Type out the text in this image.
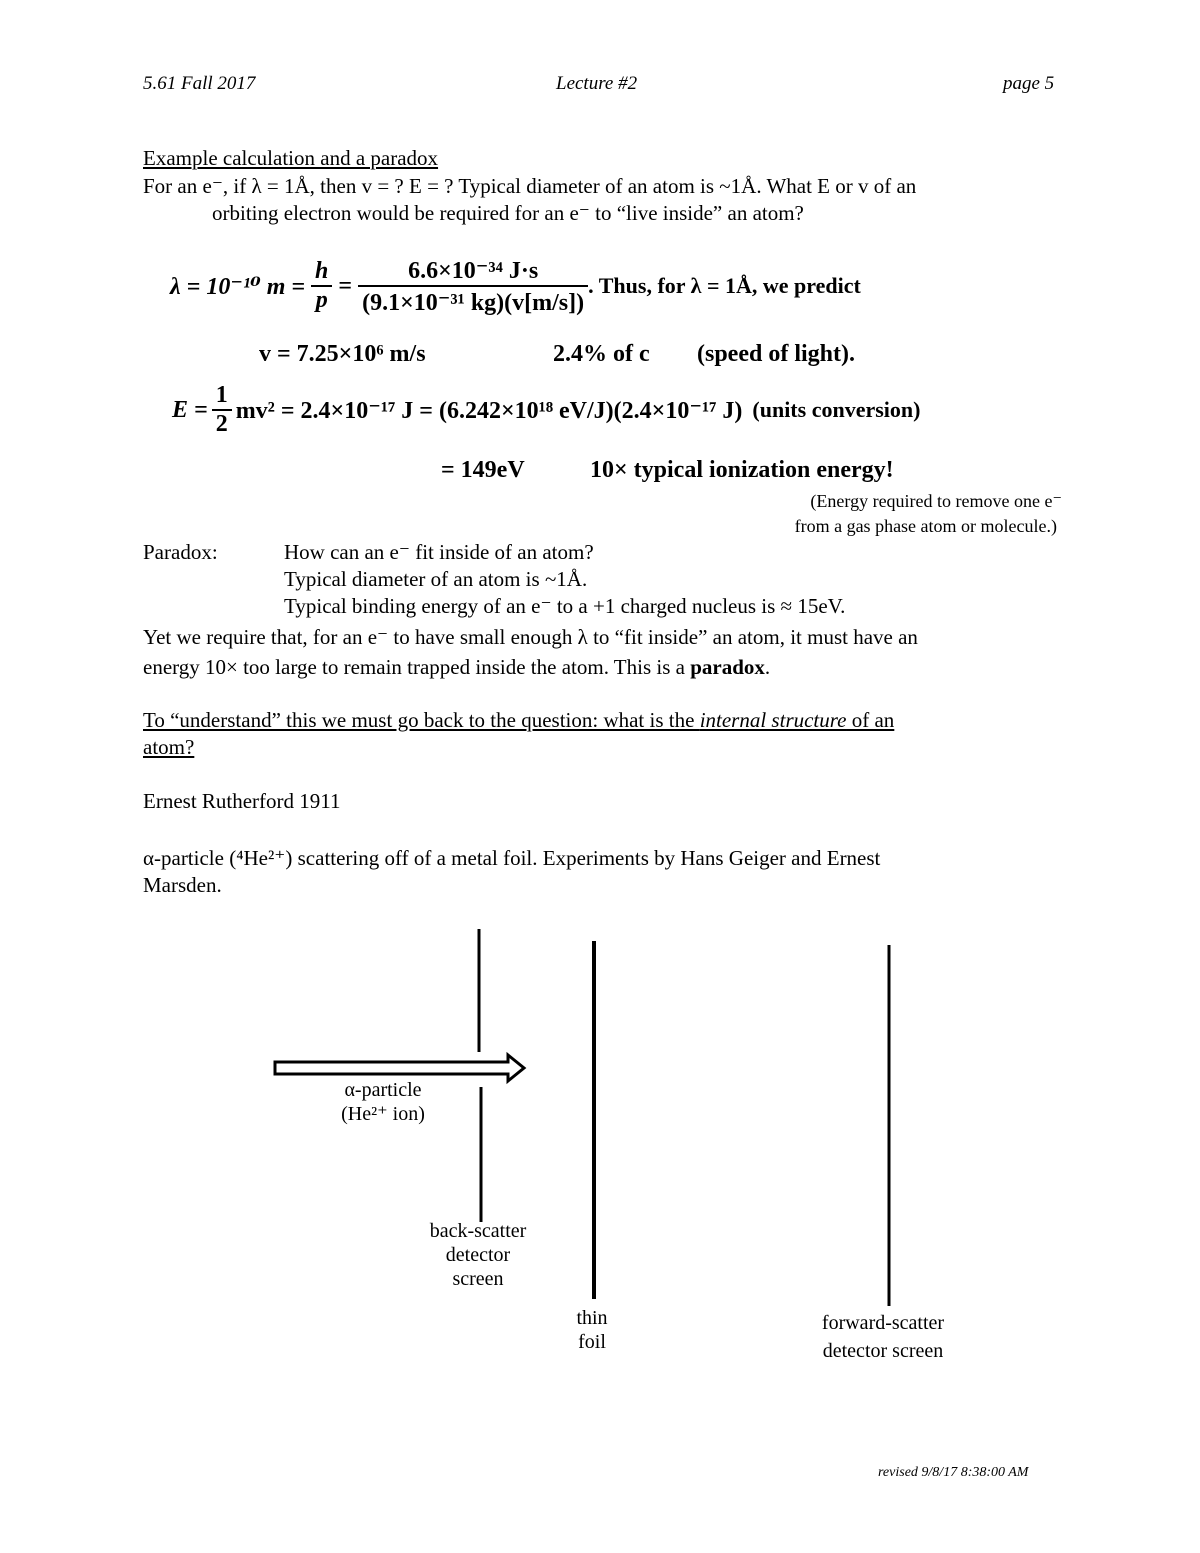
5.61 Fall 2017	Lecture #2	page 5
Example calculation and a paradox
For an e⁻, if λ = 1Å, then v = ? E = ? Typical diameter of an atom is ~1Å. What E or v of an
orbiting electron would be required for an e⁻ to “live inside” an atom?
λ = 10⁻¹⁰ $m = \frac{h}{p} = \frac{\text{6.6×10⁻³⁴ J·s}}{\text{(9.1×10⁻³¹ kg)(v[m/s])}}$ . Thus, for λ = 1Å, we predict
v = 7.25×10⁶ m/s	2.4% of c (speed of light).
$E = \frac{1}{2} mv^2 = 2.4\times 10^{-17}$ J = (6.242×10¹⁸ eV/J)(2.4×10⁻¹⁷ J) (units conversion)
= 149eV	10× typical ionization energy!
(Energy required to remove one e⁻
from a gas phase atom or molecule.)
Paradox:	How can an e⁻ fit inside of an atom?
Typical diameter of an atom is ~1Å.
Typical binding energy of an e⁻ to a +1 charged nucleus is ≈ 15eV.
Yet we require that, for an e⁻ to have small enough λ to “fit inside” an atom, it must have an
energy 10× too large to remain trapped inside the atom. This is a paradox.
To “understand” this we must go back to the question: what is the internal structure of an
atom?
Ernest Rutherford 1911
α-particle (⁴He²⁺) scattering off of a metal foil. Experiments by Hans Geiger and Ernest
Marsden.
α-particle
(He²⁺ ion)
back-scatter
detector
screen
thin
foil
forward-scatter
detector screen
revised 9/8/17 8:38:00 AM
